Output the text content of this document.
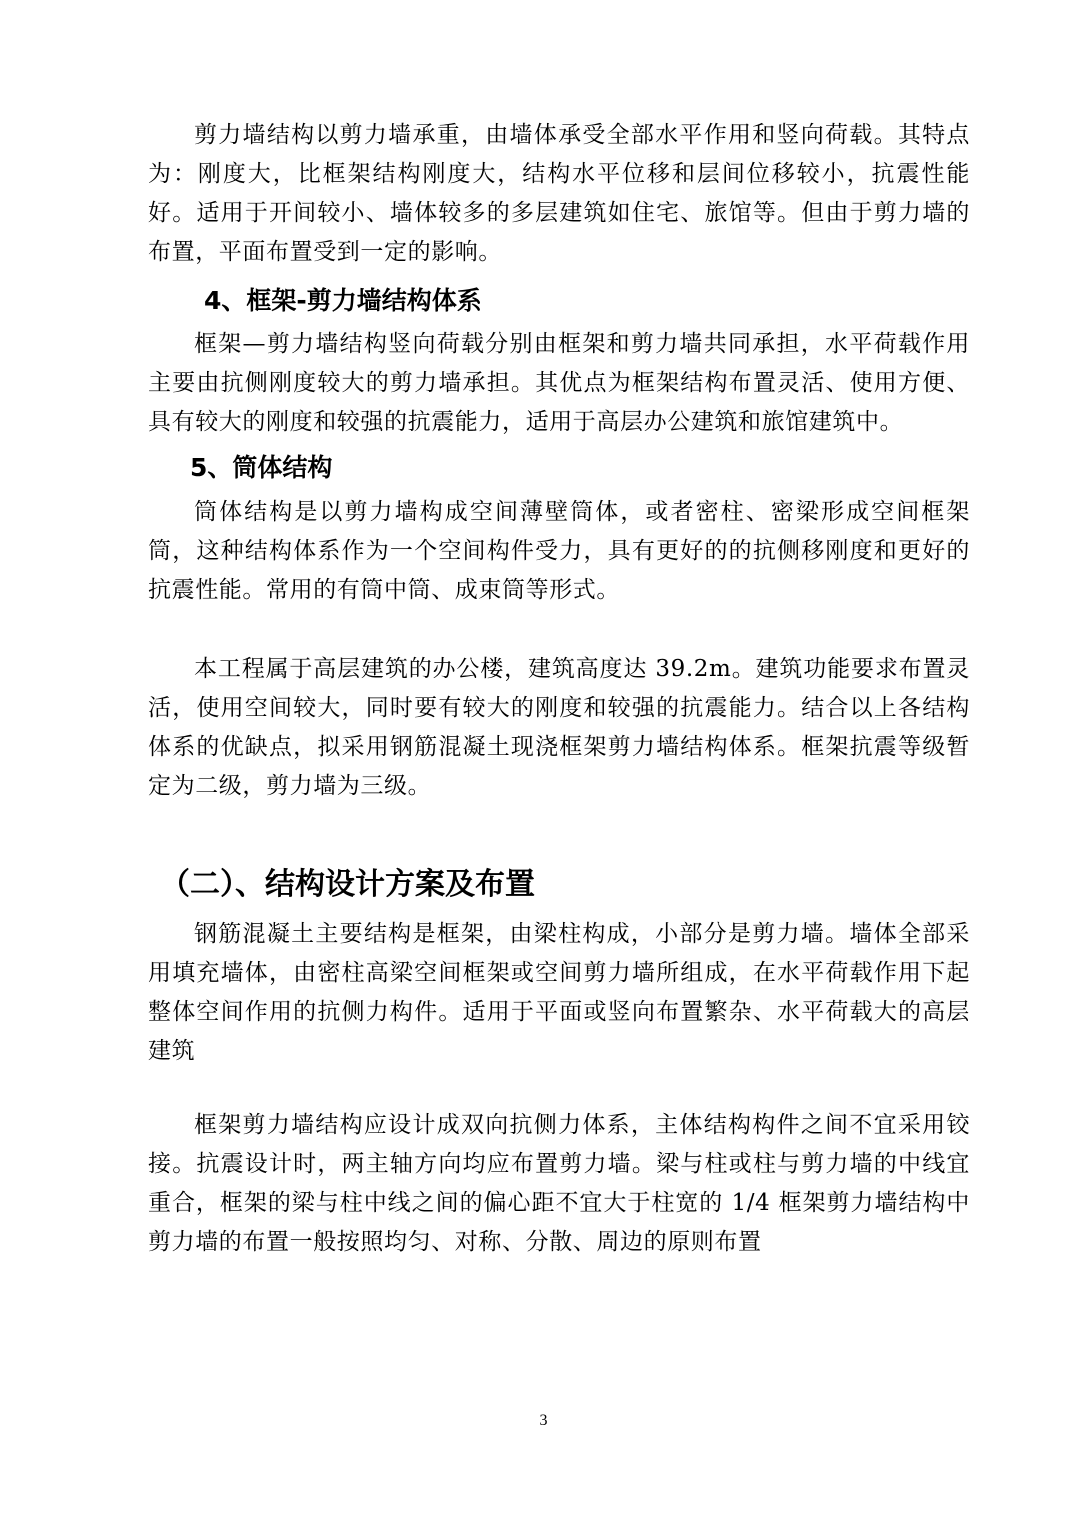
剪力墙结构以剪力墙承重，由墙体承受全部水平作用和竖向荷载。其特点为：刚度大，比框架结构刚度大，结构水平位移和层间位移较小，抗震性能好。适用于开间较小、墙体较多的多层建筑如住宅、旅馆等。但由于剪力墙的布置，平面布置受到一定的影响。

4、框架-剪力墙结构体系

框架—剪力墙结构竖向荷载分别由框架和剪力墙共同承担，水平荷载作用主要由抗侧刚度较大的剪力墙承担。其优点为框架结构布置灵活、使用方便、具有较大的刚度和较强的抗震能力，适用于高层办公建筑和旅馆建筑中。

5、筒体结构

筒体结构是以剪力墙构成空间薄壁筒体，或者密柱、密梁形成空间框架筒，这种结构体系作为一个空间构件受力，具有更好的的抗侧移刚度和更好的抗震性能。常用的有筒中筒、成束筒等形式。

本工程属于高层建筑的办公楼，建筑高度达 39.2m。建筑功能要求布置灵活，使用空间较大，同时要有较大的刚度和较强的抗震能力。结合以上各结构体系的优缺点，拟采用钢筋混凝土现浇框架剪力墙结构体系。框架抗震等级暂定为二级，剪力墙为三级。

（二）、结构设计方案及布置

钢筋混凝土主要结构是框架，由梁柱构成，小部分是剪力墙。墙体全部采用填充墙体，由密柱高梁空间框架或空间剪力墙所组成，在水平荷载作用下起整体空间作用的抗侧力构件。适用于平面或竖向布置繁杂、水平荷载大的高层建筑

框架剪力墙结构应设计成双向抗侧力体系，主体结构构件之间不宜采用铰接。抗震设计时，两主轴方向均应布置剪力墙。梁与柱或柱与剪力墙的中线宜重合，框架的梁与柱中线之间的偏心距不宜大于柱宽的 1/4 框架剪力墙结构中剪力墙的布置一般按照均匀、对称、分散、周边的原则布置

3
